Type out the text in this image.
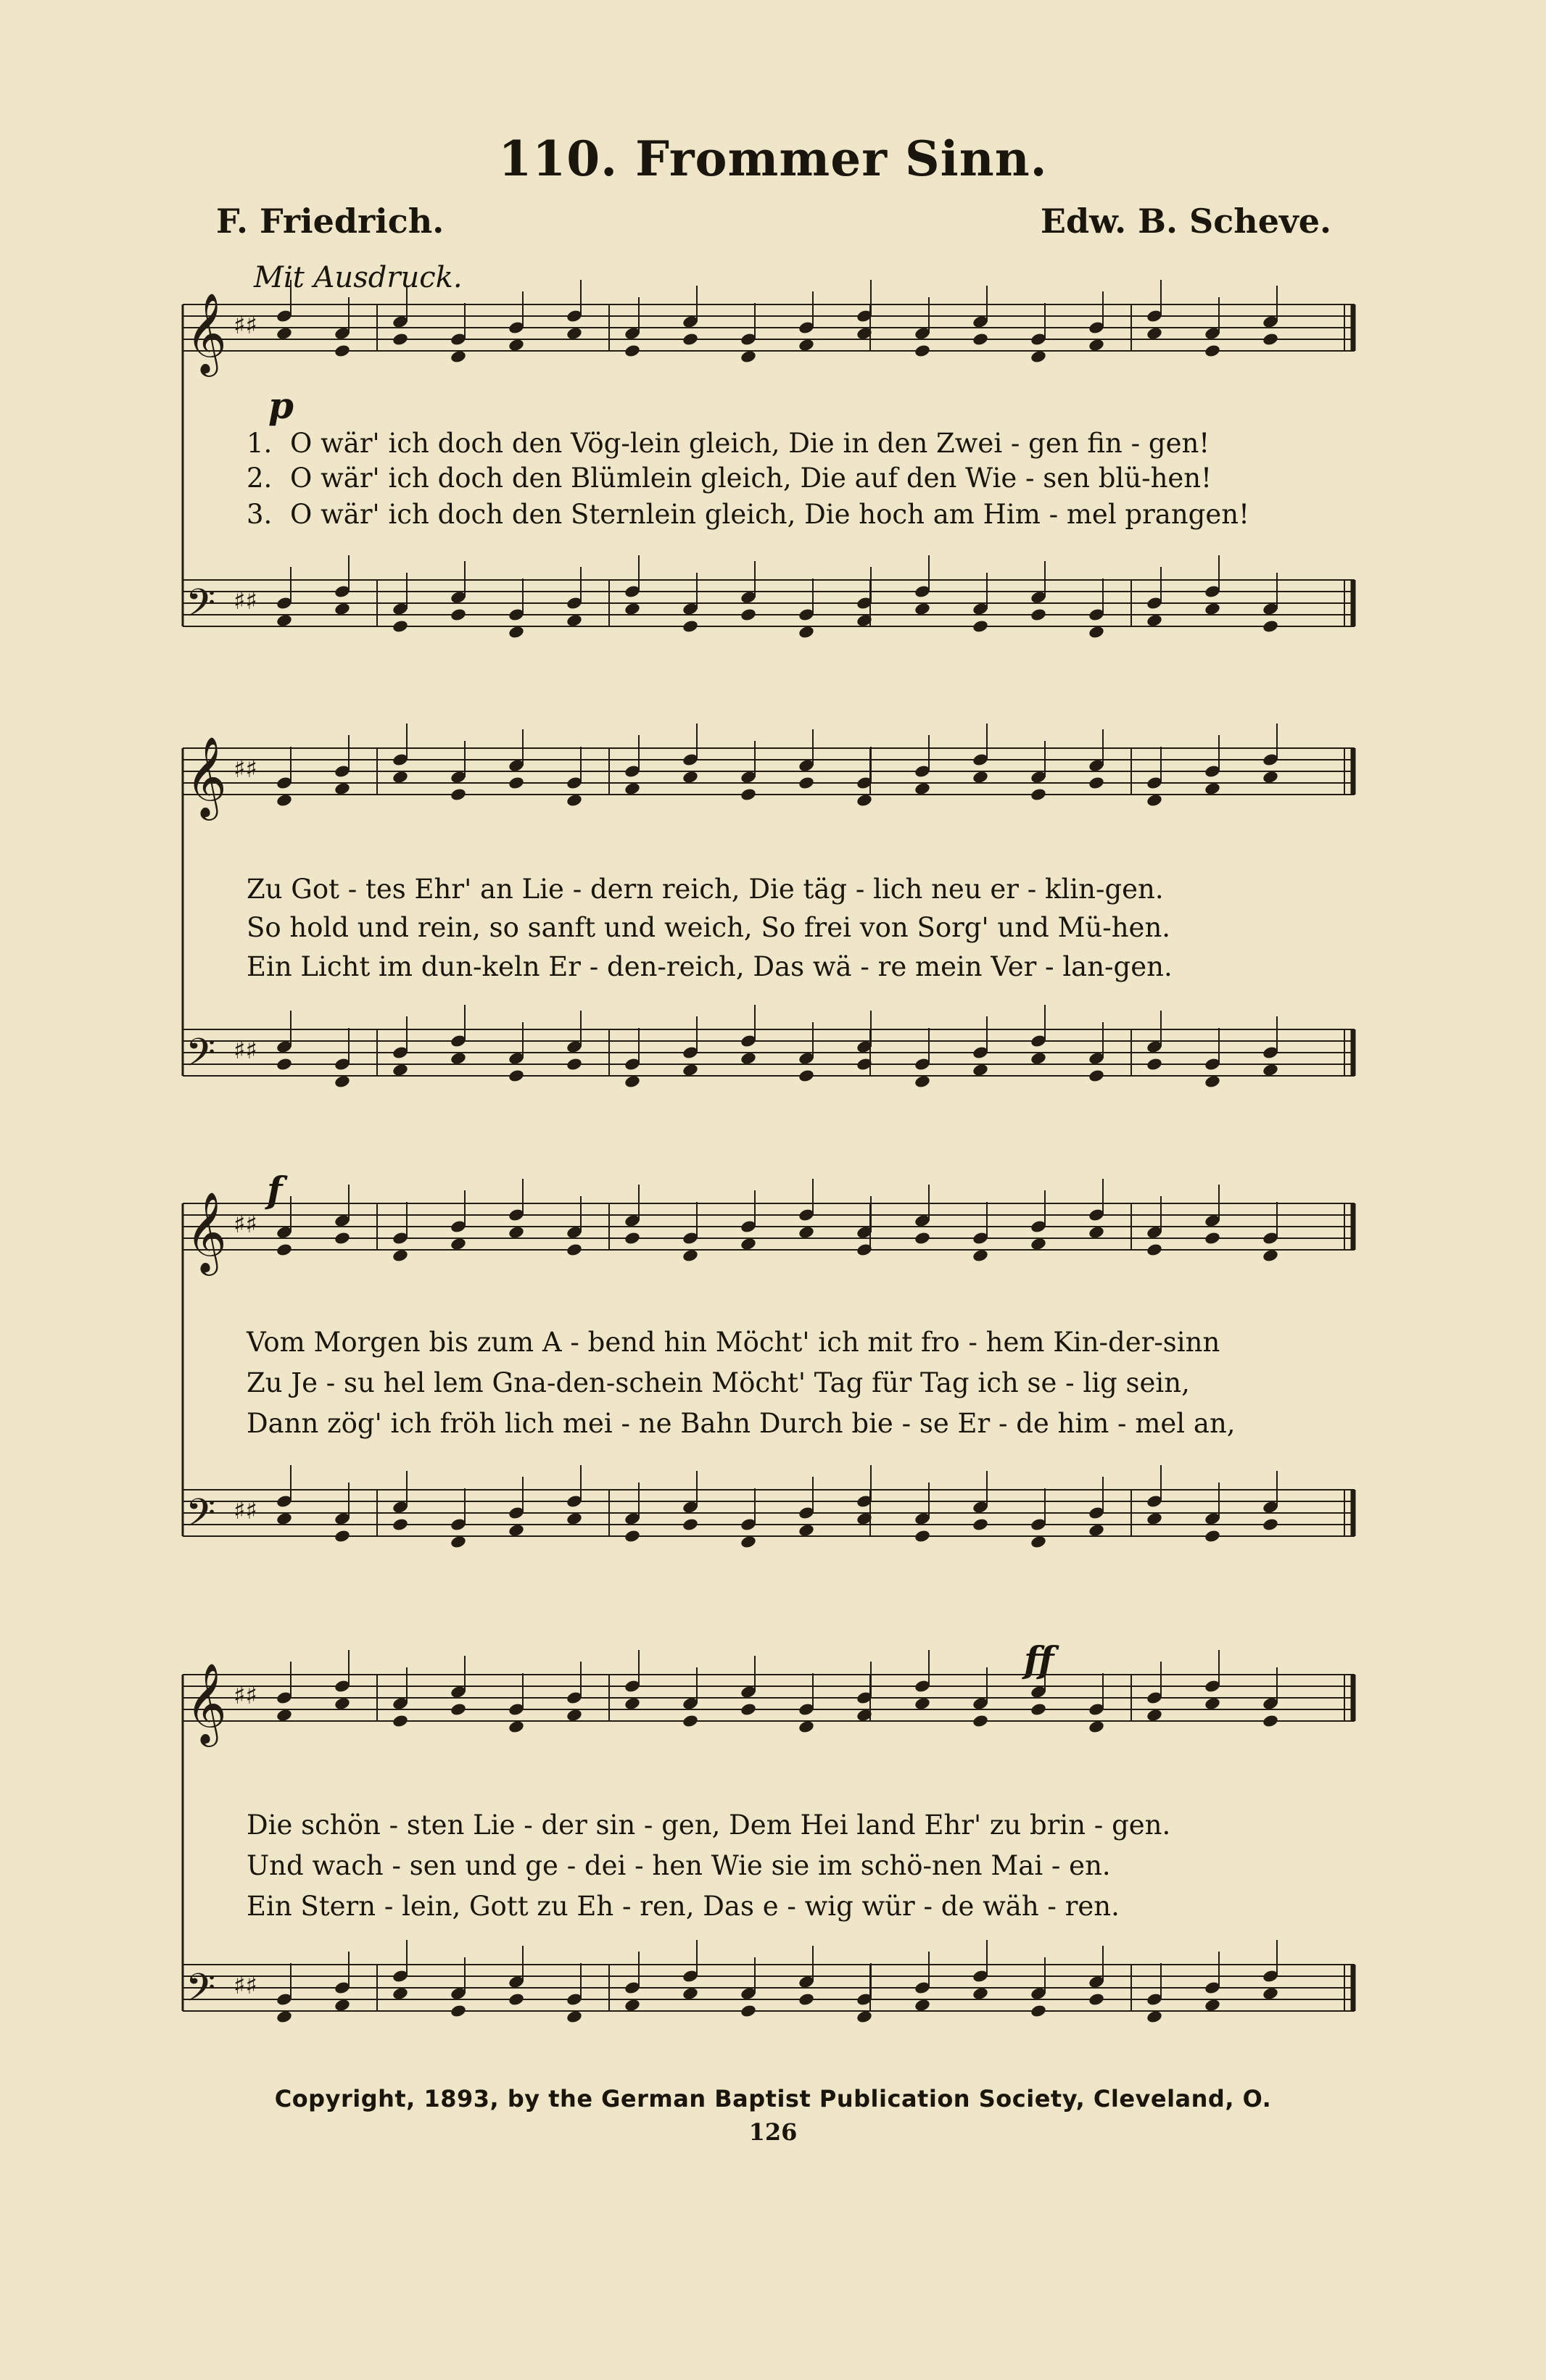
110. Frommer Sinn.
F. Friedrich.	Edw. B. Scheve.
Mit Ausdruck.
p
f
ff
1. O wär' ich doch den Vög-lein gleich, Die in den Zwei - gen fin - gen!
2. O wär' ich doch den Blümlein gleich, Die auf den Wie - sen blü-hen!
3. O wär' ich doch den Sternlein gleich, Die hoch am Him - mel prangen!
Zu Got - tes Ehr' an Lie - dern reich, Die täg - lich neu er - klin-gen.
So hold und rein, so sanft und weich, So frei von Sorg' und Mü-hen.
Ein Licht im dun-keln Er - den-reich, Das wä - re mein Ver - lan-gen.
Vom Morgen bis zum A - bend hin Möcht' ich mit fro - hem Kin-der-sinn
Zu Je - su hel lem Gna-den-schein Möcht' Tag für Tag ich se - lig sein,
Dann zög' ich fröh lich mei - ne Bahn Durch bie - se Er - de him - mel an,
Die schön - sten Lie - der sin - gen, Dem Hei land Ehr' zu brin - gen.
Und wach - sen und ge - dei - hen Wie sie im schö-nen Mai - en.
Ein Stern - lein, Gott zu Eh - ren, Das e - wig wür - de wäh - ren.
𝄞 ♯♯
𝄢 ♯♯
𝄞 ♯♯
𝄢 ♯♯
𝄞 ♯♯
𝄢 ♯♯
𝄞 ♯♯
𝄢 ♯♯
Copyright, 1893, by the German Baptist Publication Society, Cleveland, O.
126
